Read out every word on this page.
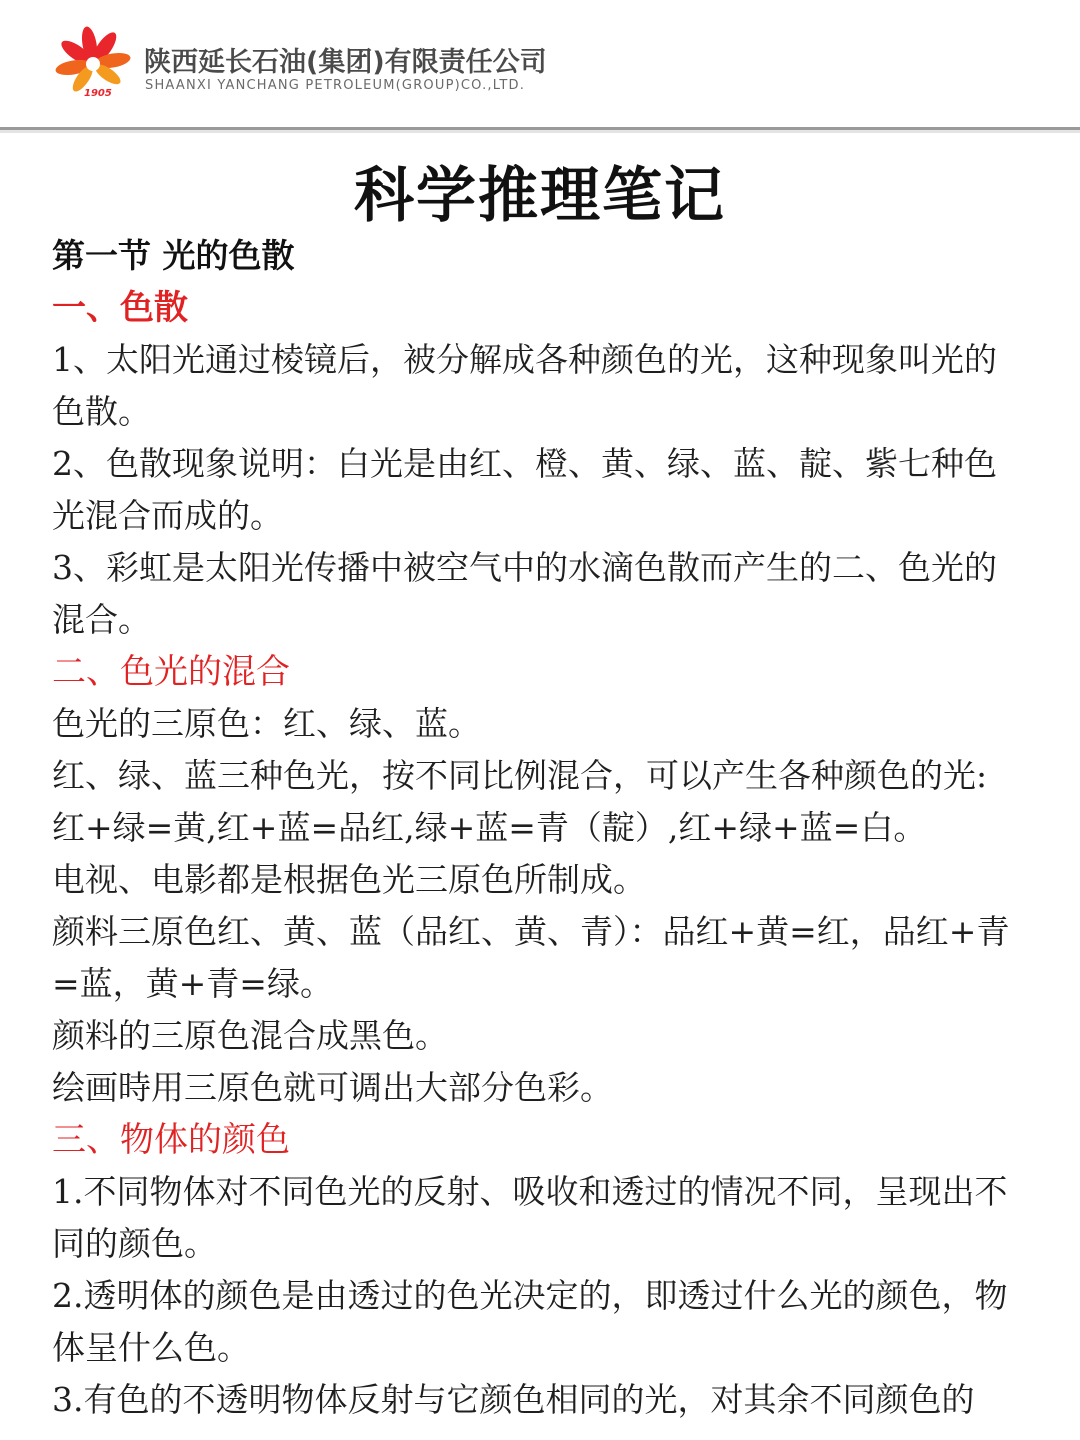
1905
陕西延长石油(集团)有限责任公司
SHAANXI YANCHANG PETROLEUM(GROUP)CO.,LTD.
科学推理笔记

第一节 光的色散

一、色散

1、太阳光通过棱镜后，被分解成各种颜色的光，这种现象叫光的色散。

2、色散现象说明：白光是由红、橙、黄、绿、蓝、靛、紫七种色光混合而成的。

3、彩虹是太阳光传播中被空气中的水滴色散而产生的二、色光的混合。

二、色光的混合

色光的三原色：红、绿、蓝。

红、绿、蓝三种色光，按不同比例混合，可以产生各种颜色的光:红+绿=黄,红+蓝=品红,绿+蓝=青（靛）,红+绿+蓝=白。

电视、电影都是根据色光三原色所制成。

颜料三原色红、黄、蓝（品红、黄、青）：品红+黄=红，品红+青=蓝，黄+青=绿。

颜料的三原色混合成黑色。

绘画時用三原色就可调出大部分色彩。

三、物体的颜色

1.不同物体对不同色光的反射、吸收和透过的情况不同，呈现出不同的颜色。

2.透明体的颜色是由透过的色光决定的，即透过什么光的颜色，物体呈什么色。

3.有色的不透明物体反射与它颜色相同的光，对其余不同颜色的
